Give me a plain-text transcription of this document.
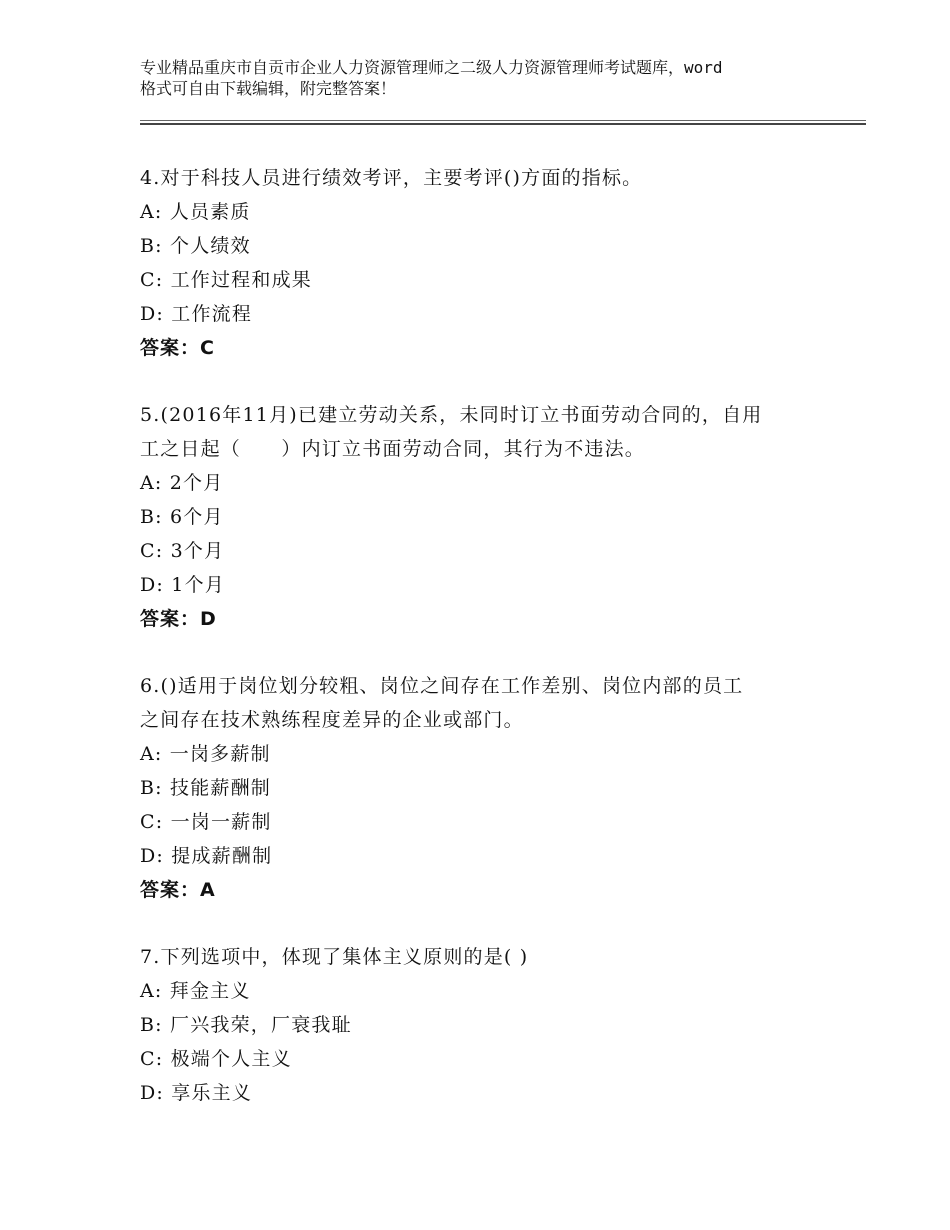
专业精品重庆市自贡市企业人力资源管理师之二级人力资源管理师考试题库，word
格式可自由下载编辑，附完整答案！
4.对于科技人员进行绩效考评，主要考评()方面的指标。
A: 人员素质
B: 个人绩效
C: 工作过程和成果
D: 工作流程
答案：C
5.(2016年11月)已建立劳动关系，未同时订立书面劳动合同的，自用
工之日起（　　）内订立书面劳动合同，其行为不违法。
A: 2个月
B: 6个月
C: 3个月
D: 1个月
答案：D
6.()适用于岗位划分较粗、岗位之间存在工作差别、岗位内部的员工
之间存在技术熟练程度差异的企业或部门。
A: 一岗多薪制
B: 技能薪酬制
C: 一岗一薪制
D: 提成薪酬制
答案：A
7.下列选项中，体现了集体主义原则的是( )
A: 拜金主义
B: 厂兴我荣，厂衰我耻
C: 极端个人主义
D: 享乐主义
